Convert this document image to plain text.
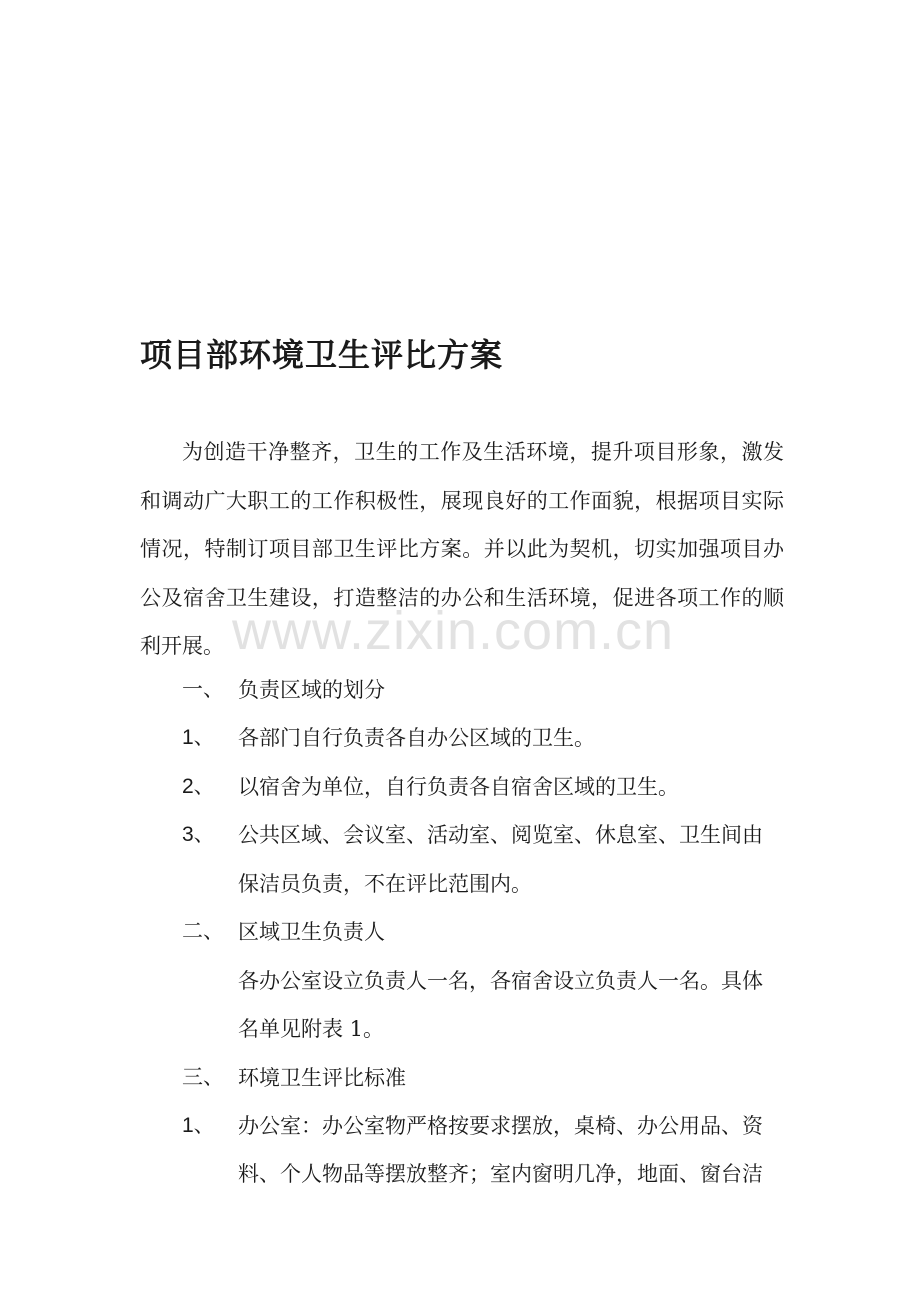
项目部环境卫生评比方案
为创造干净整齐，卫生的工作及生活环境，提升项目形象，激发和调动广大职工的工作积极性，展现良好的工作面貌，根据项目实际情况，特制订项目部卫生评比方案。并以此为契机，切实加强项目办公及宿舍卫生建设，打造整洁的办公和生活环境，促进各项工作的顺利开展。
一、 负责区域的划分
1、 各部门自行负责各自办公区域的卫生。
2、 以宿舍为单位，自行负责各自宿舍区域的卫生。
3、 公共区域、会议室、活动室、阅览室、休息室、卫生间由
保洁员负责，不在评比范围内。
二、 区域卫生负责人
各办公室设立负责人一名，各宿舍设立负责人一名。具体
名单见附表 1。
三、 环境卫生评比标准
1、 办公室：办公室物严格按要求摆放，桌椅、办公用品、资
料、个人物品等摆放整齐；室内窗明几净，地面、窗台洁
www.zixin.com.cn
